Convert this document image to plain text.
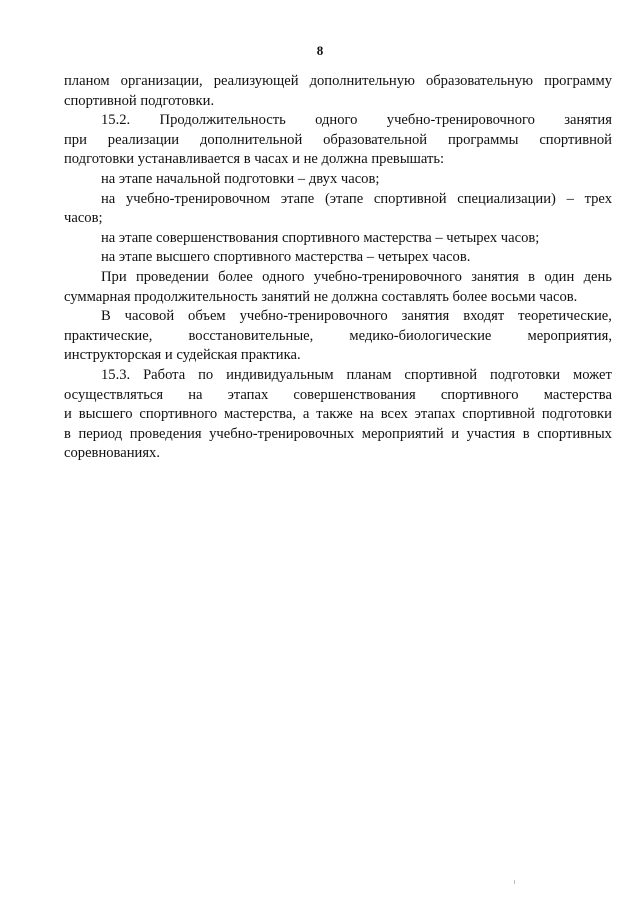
8
планом организации, реализующей дополнительную образовательную программу
спортивной подготовки.
15.2. Продолжительность одного учебно-тренировочного занятия
при реализации дополнительной образовательной программы спортивной
подготовки устанавливается в часах и не должна превышать:
на этапе начальной подготовки – двух часов;
на учебно-тренировочном этапе (этапе спортивной специализации) – трех
часов;
на этапе совершенствования спортивного мастерства – четырех часов;
на этапе высшего спортивного мастерства – четырех часов.
При проведении более одного учебно-тренировочного занятия в один день
суммарная продолжительность занятий не должна составлять более восьми часов.
В часовой объем учебно-тренировочного занятия входят теоретические,
практические, восстановительные, медико-биологические мероприятия,
инструкторская и судейская практика.
15.3. Работа по индивидуальным планам спортивной подготовки может
осуществляться на этапах совершенствования спортивного мастерства
и высшего спортивного мастерства, а также на всех этапах спортивной подготовки
в период проведения учебно-тренировочных мероприятий и участия в спортивных
соревнованиях.
